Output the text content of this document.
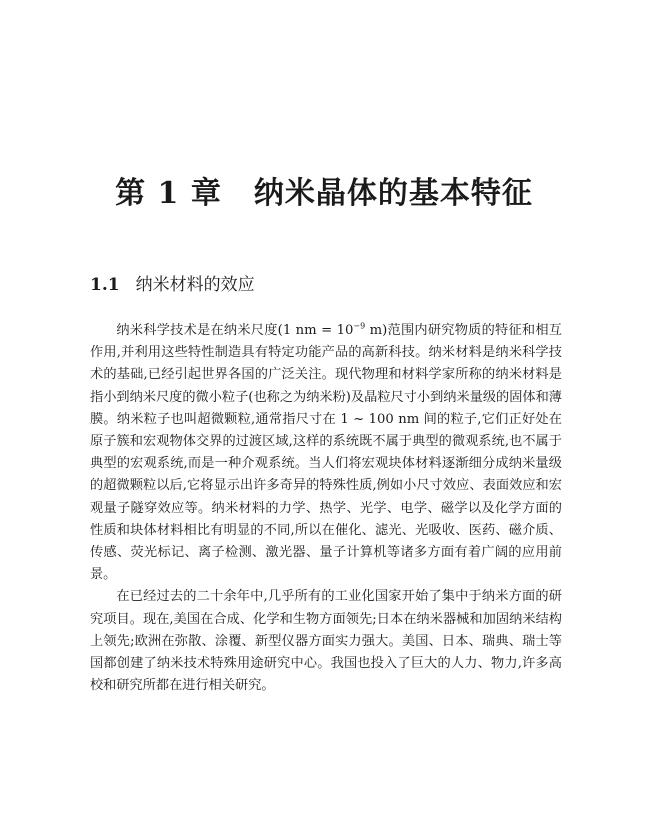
第 1 章 纳米晶体的基本特征
1.1 纳米材料的效应

纳米科学技术是在纳米尺度(1 nm = $10^{-9}$ m)范围内研究物质的特征和相互作用,并利用这些特性制造具有特定功能产品的高新科技。纳米材料是纳米科学技术的基础,已经引起世界各国的广泛关注。现代物理和材料学家所称的纳米材料是指小到纳米尺度的微小粒子(也称之为纳米粉)及晶粒尺寸小到纳米量级的固体和薄膜。纳米粒子也叫超微颗粒,通常指尺寸在 1 ~ 100 nm 间的粒子,它们正好处在原子簇和宏观物体交界的过渡区域,这样的系统既不属于典型的微观系统,也不属于典型的宏观系统,而是一种介观系统。当人们将宏观块体材料逐渐细分成纳米量级的超微颗粒以后,它将显示出许多奇异的特殊性质,例如小尺寸效应、表面效应和宏观量子隧穿效应等。纳米材料的力学、热学、光学、电学、磁学以及化学方面的性质和块体材料相比有明显的不同,所以在催化、滤光、光吸收、医药、磁介质、传感、荧光标记、离子检测、激光器、量子计算机等诸多方面有着广阔的应用前景。

在已经过去的二十余年中,几乎所有的工业化国家开始了集中于纳米方面的研究项目。现在,美国在合成、化学和生物方面领先;日本在纳米器械和加固纳米结构上领先;欧洲在弥散、涂覆、新型仪器方面实力强大。美国、日本、瑞典、瑞士等国都创建了纳米技术特殊用途研究中心。我国也投入了巨大的人力、物力,许多高校和研究所都在进行相关研究。
